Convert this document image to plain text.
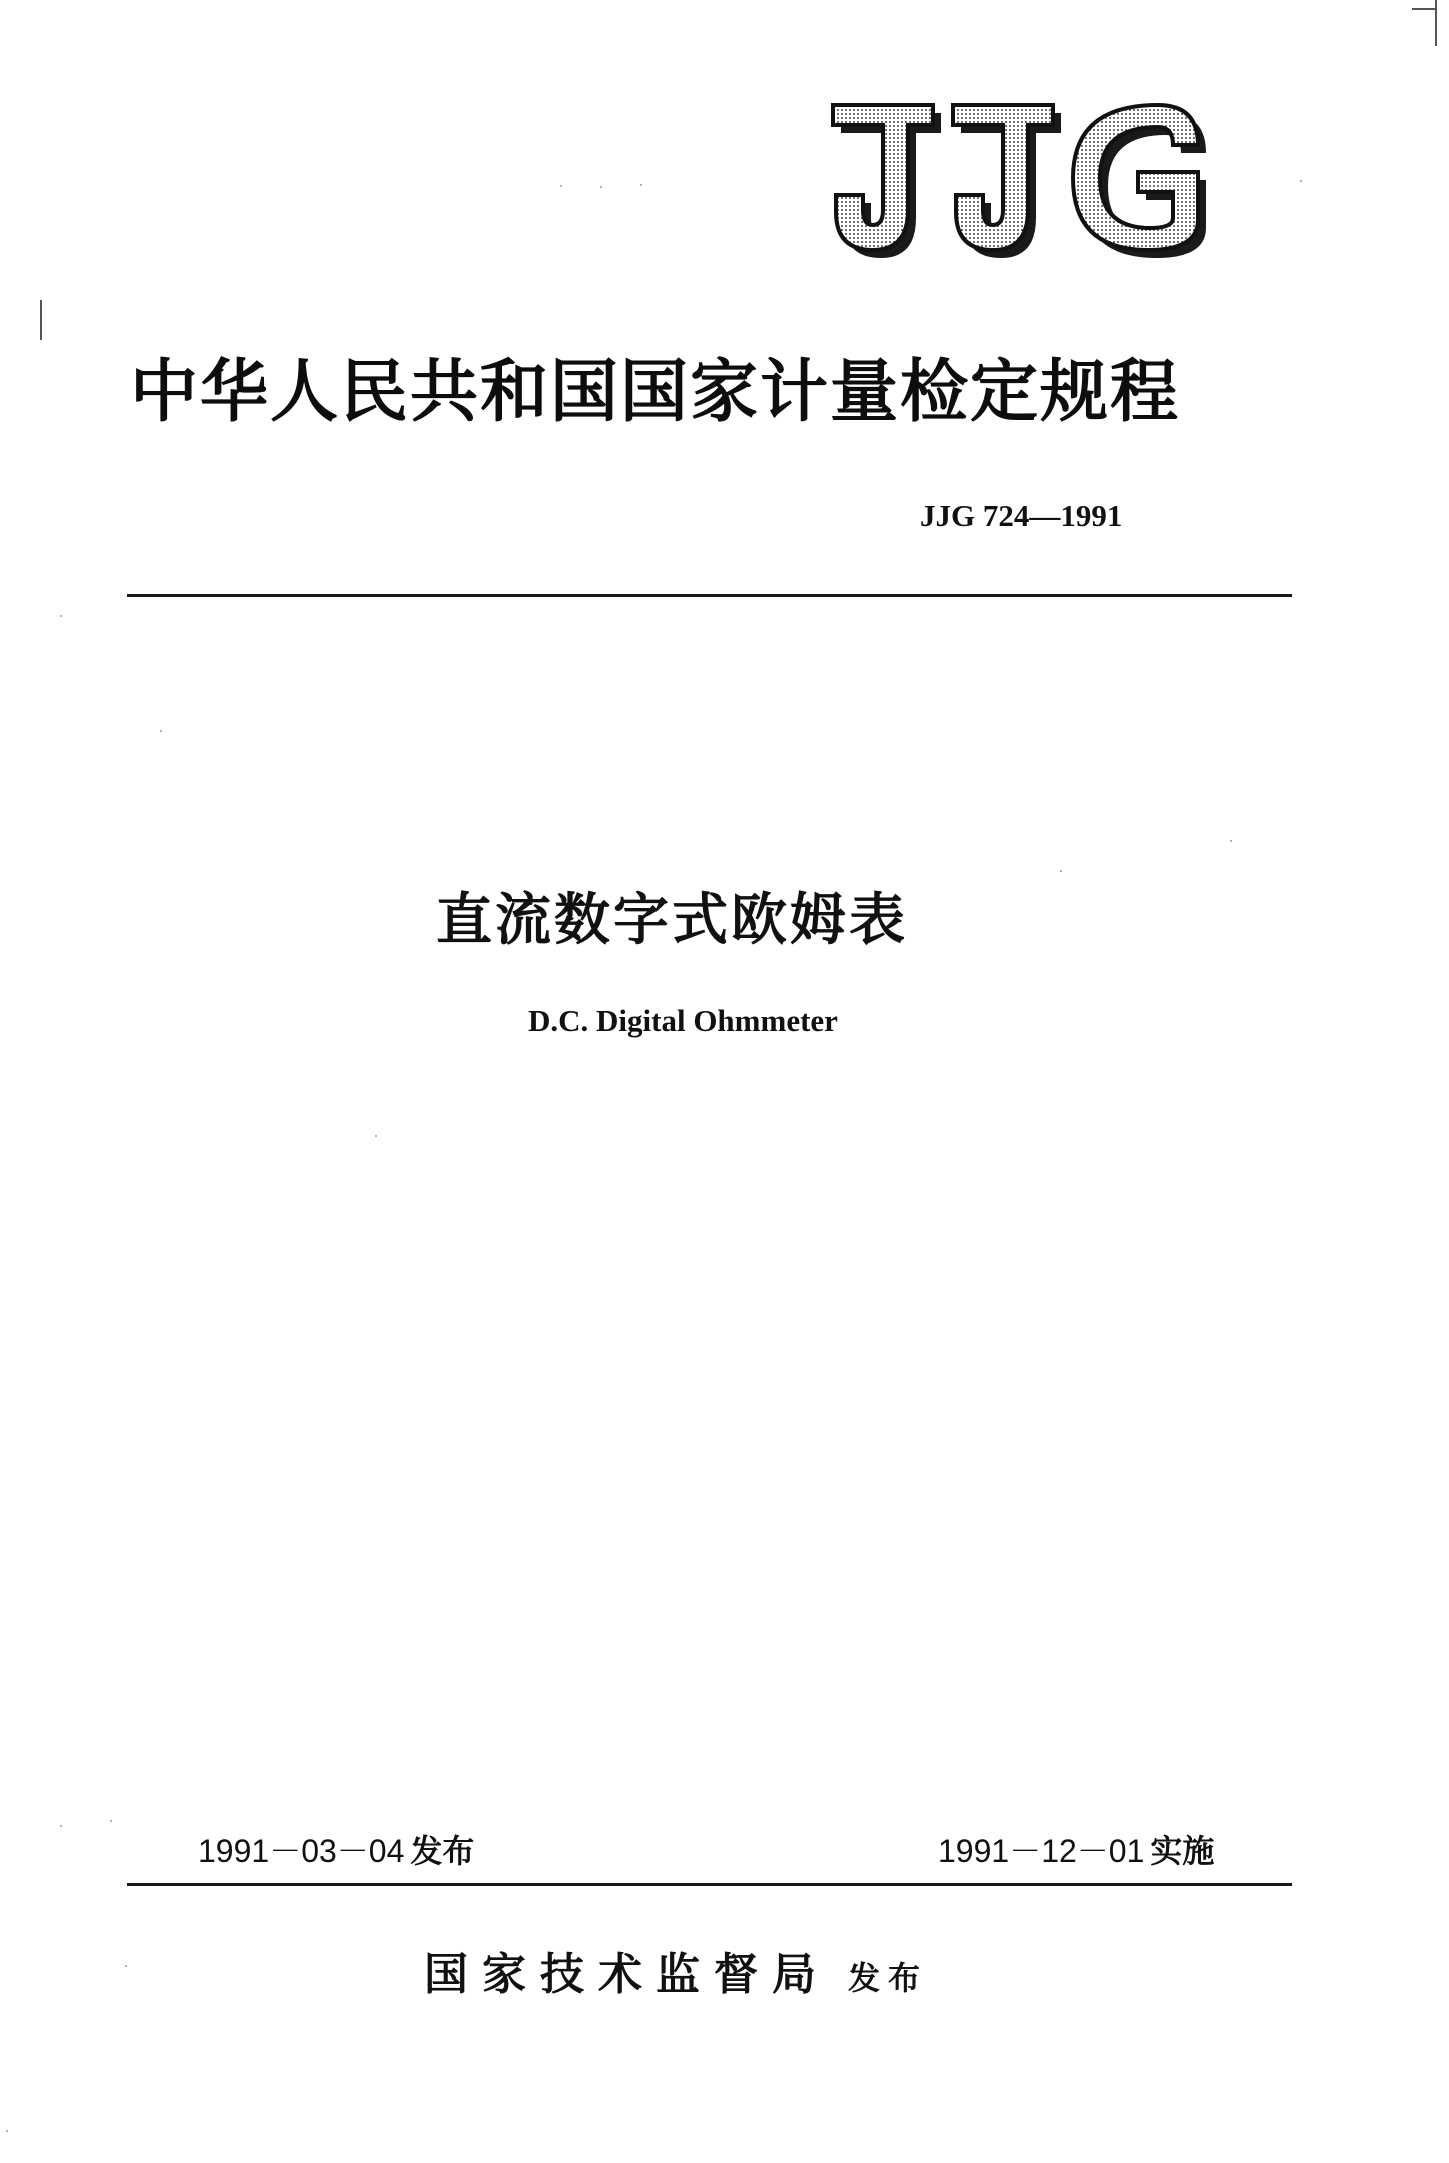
中华人民共和国国家计量检定规程
JJG 724—1991
直流数字式欧姆表
D.C. Digital Ohmmeter
1991－03－04 发布	1991－12－01 实施
国家技术监督局 发布
